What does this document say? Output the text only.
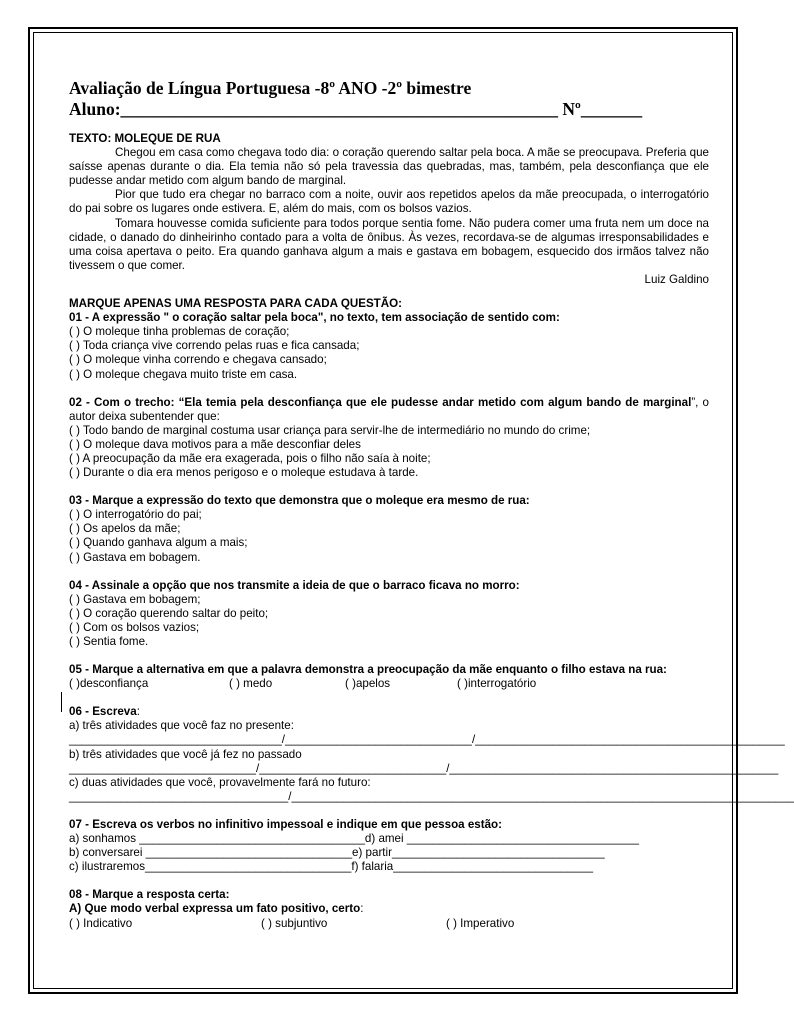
Avaliação de Língua Portuguesa -8º ANO -2º bimestre
Aluno:__________________________________________________ Nº_______
TEXTO: MOLEQUE DE RUA
Chegou em casa como chegava todo dia: o coração querendo saltar pela boca. A mãe se preocupava. Preferia que saísse apenas durante o dia. Ela temia não só pela travessia das quebradas, mas, também, pela desconfiança que ele pudesse andar metido com algum bando de marginal.
Pior que tudo era chegar no barraco com a noite, ouvir aos repetidos apelos da mãe preocupada, o interrogatório do pai sobre os lugares onde estivera. E, além do mais, com os bolsos vazios.
Tomara houvesse comida suficiente para todos porque sentia fome. Não pudera comer uma fruta nem um doce na cidade, o danado do dinheirinho contado para a volta de ônibus. Às vezes, recordava-se de algumas irresponsabilidades e uma coisa apertava o peito. Era quando ganhava algum a mais e gastava em bobagem, esquecido dos irmãos talvez não tivessem o que comer.
Luiz Galdino
MARQUE APENAS UMA RESPOSTA PARA CADA QUESTÃO:
01 - A expressão " o coração saltar pela boca", no texto, tem associação de sentido com:
( ) O moleque tinha problemas de coração;
( ) Toda criança vive correndo pelas ruas e fica cansada;
( ) O moleque vinha correndo e chegava cansado;
( ) O moleque chegava muito triste em casa.
02 - Com o trecho: “Ela temia pela desconfiança que ele pudesse andar metido com algum bando de marginal”, o autor deixa subentender que:
( ) Todo bando de marginal costuma usar criança para servir-lhe de intermediário no mundo do crime;
( ) O moleque dava motivos para a mãe desconfiar deles
( ) A preocupação da mãe era exagerada, pois o filho não saía à noite;
( ) Durante o dia era menos perigoso e o moleque estudava à tarde.
03 - Marque a expressão do texto que demonstra que o moleque era mesmo de rua:
( ) O interrogatório do pai;
( ) Os apelos da mãe;
( ) Quando ganhava algum a mais;
( ) Gastava em bobagem.
04 - Assinale a opção que nos transmite a ideia de que o barraco ficava no morro:
( ) Gastava em bobagem;
( ) O coração querendo saltar do peito;
( ) Com os bolsos vazios;
( ) Sentia fome.
05 - Marque a alternativa em que a palavra demonstra a preocupação da mãe enquanto o filho estava na rua:
( )desconfiança	( ) medo	( )apelos	( )interrogatório
06 - Escreva:
a) três atividades que você faz no presente:
_________________________________/_____________________________/________________________________________________
b) três atividades que você já fez no passado
_____________________________/_____________________________/___________________________________________________
c) duas atividades que você, provavelmente fará no futuro:
__________________________________/______________________________________________________________________________
07 - Escreva os verbos no infinitivo impessoal e indique em que pessoa estão:
a) sonhamos ___________________________________ d) amei ____________________________________
b) conversarei ________________________________ e) partir_________________________________
c) ilustraremos________________________________ f) falaria_______________________________
08 - Marque a resposta certa:
A) Que modo verbal expressa um fato positivo, certo:
( ) Indicativo	( ) subjuntivo	( ) Imperativo
